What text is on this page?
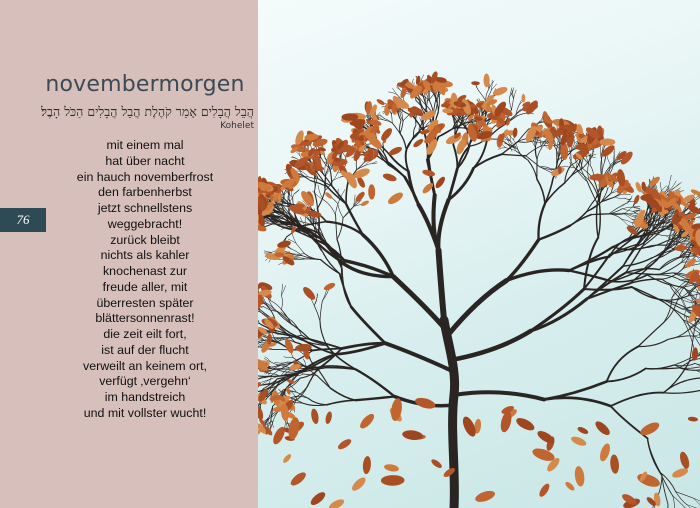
novembermorgen
הֲבֵל הֲבָלִים אָמַר קֹהֶלֶת הֲבֵל הֲבָלִים הַכֹּל הָבֶל׃
Kohelet
mit einem mal
hat über nacht
ein hauch novemberfrost
den farbenherbst
jetzt schnellstens
weggebracht!
zurück bleibt
nichts als kahler
knochenast zur
freude aller, mit
überresten später
blättersonnenrast!
die zeit eilt fort,
ist auf der flucht
verweilt an keinem ort,
verfügt ‚vergehn‘
im handstreich
und mit vollster wucht!
76
